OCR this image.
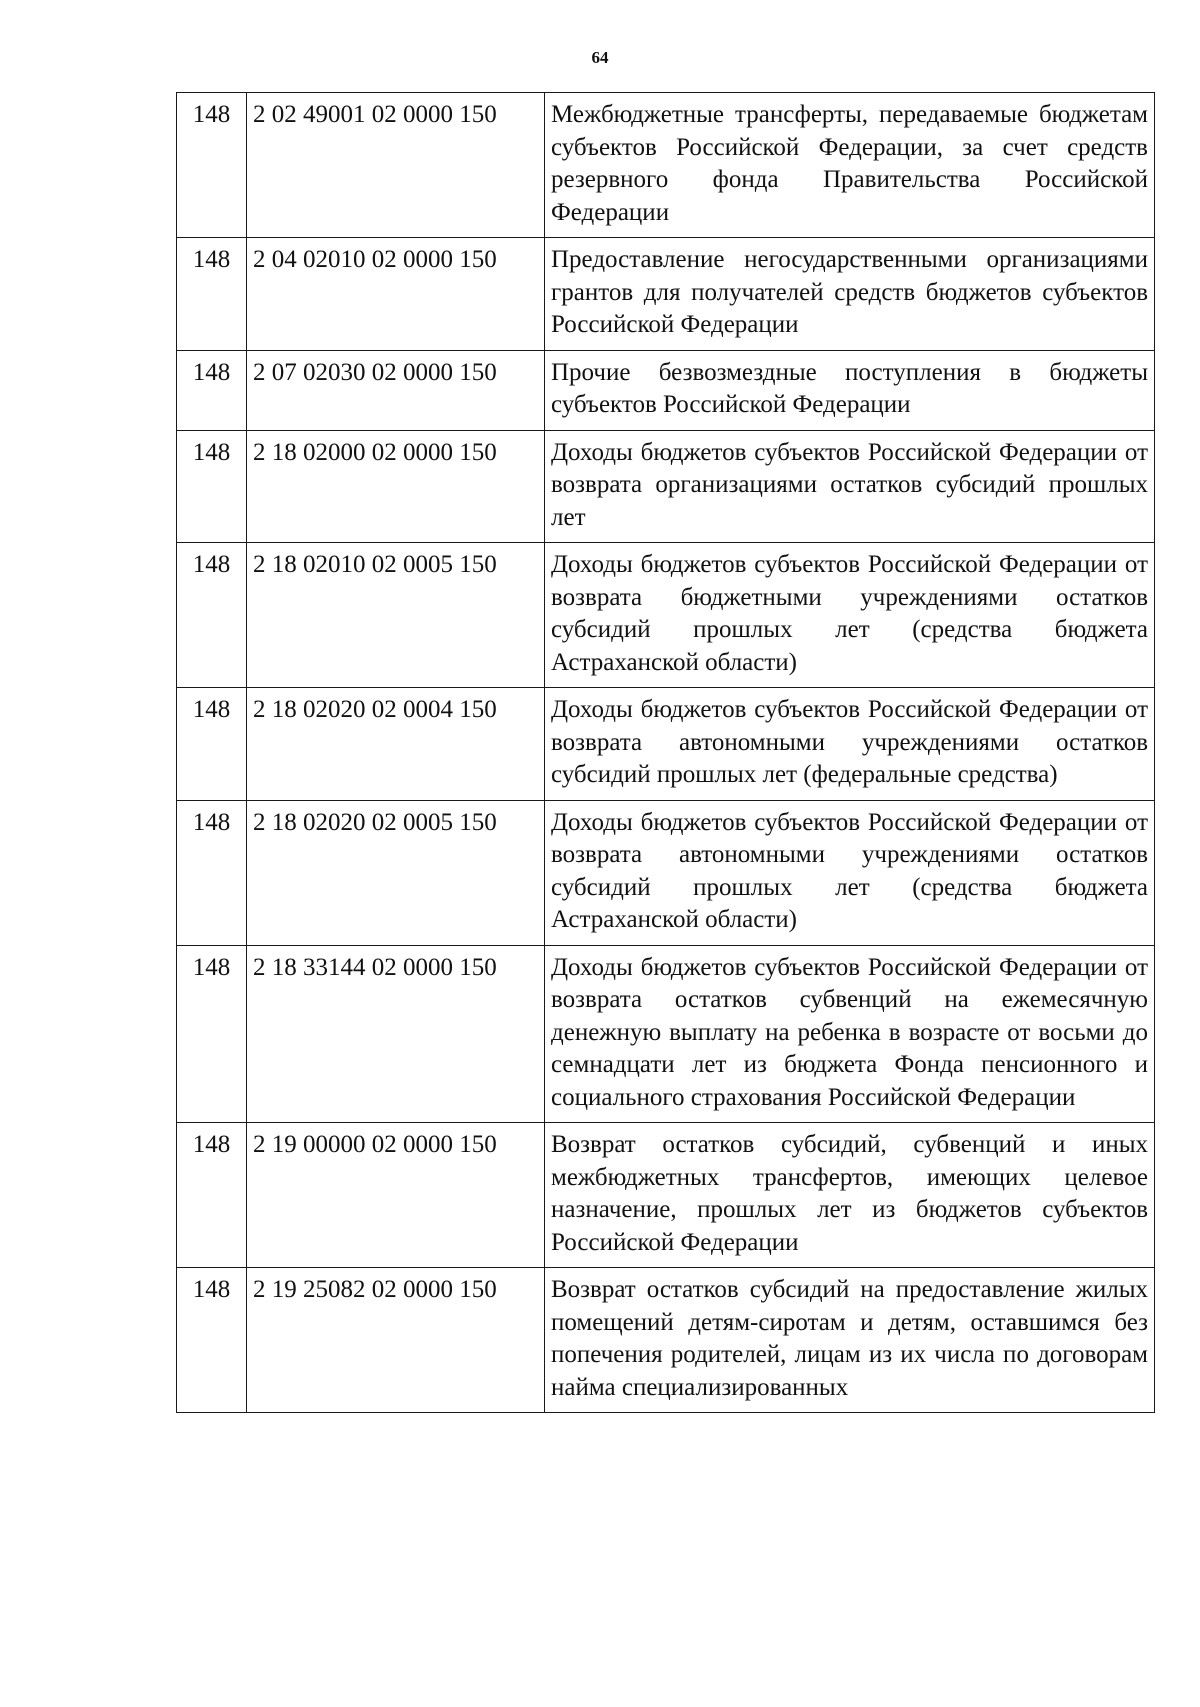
64
148	2 02 49001 02 0000 150	Межбюджетные трансферты, передаваемые бюджетам субъектов Российской Федерации, за счет средств резервного фонда Правительства Российской Федерации
148	2 04 02010 02 0000 150	Предоставление негосударственными организациями грантов для получателей средств бюджетов субъектов Российской Федерации
148	2 07 02030 02 0000 150	Прочие безвозмездные поступления в бюджеты субъектов Российской Федерации
148	2 18 02000 02 0000 150	Доходы бюджетов субъектов Российской Федерации от возврата организациями остатков субсидий прошлых лет
148	2 18 02010 02 0005 150	Доходы бюджетов субъектов Российской Федерации от возврата бюджетными учреждениями остатков субсидий прошлых лет (средства бюджета Астраханской области)
148	2 18 02020 02 0004 150	Доходы бюджетов субъектов Российской Федерации от возврата автономными учреждениями остатков субсидий прошлых лет (федеральные средства)
148	2 18 02020 02 0005 150	Доходы бюджетов субъектов Российской Федерации от возврата автономными учреждениями остатков субсидий прошлых лет (средства бюджета Астраханской области)
148	2 18 33144 02 0000 150	Доходы бюджетов субъектов Российской Федерации от возврата остатков субвенций на ежемесячную денежную выплату на ребенка в возрасте от восьми до семнадцати лет из бюджета Фонда пенсионного и социального страхования Российской Федерации
148	2 19 00000 02 0000 150	Возврат остатков субсидий, субвенций и иных межбюджетных трансфертов, имеющих целевое назначение, прошлых лет из бюджетов субъектов Российской Федерации
148	2 19 25082 02 0000 150	Возврат остатков субсидий на предоставление жилых помещений детям-сиротам и детям, оставшимся без попечения родителей, лицам из их числа по договорам найма специализированных
